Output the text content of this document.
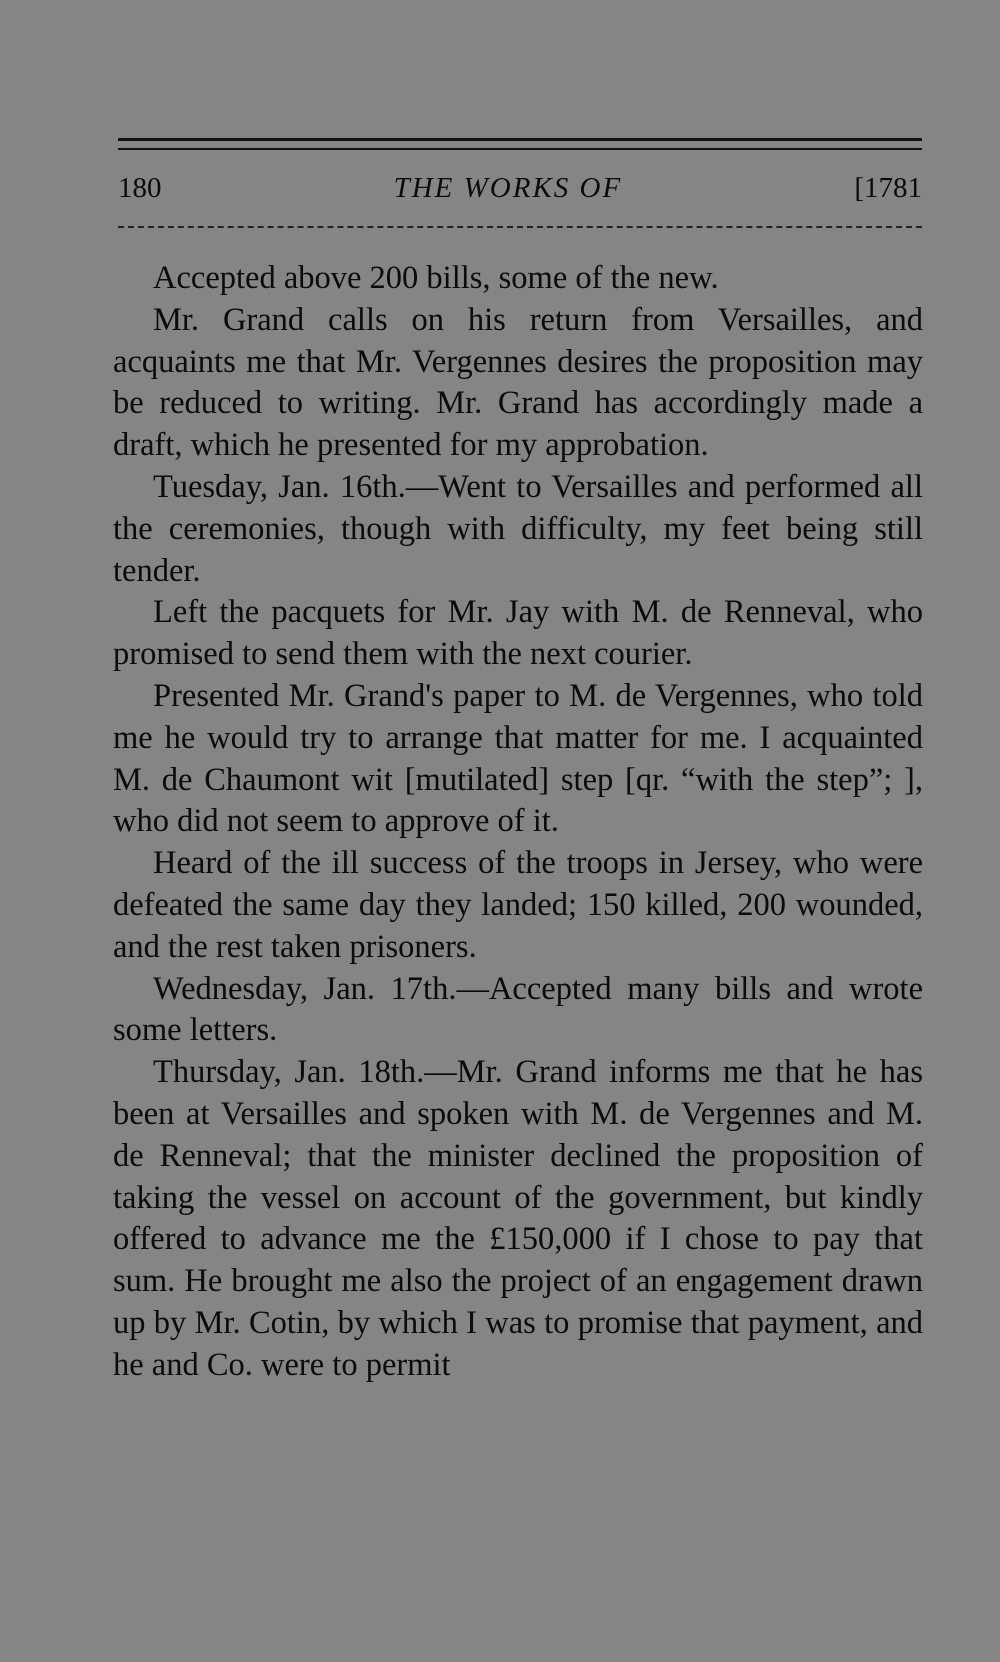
180	THE WORKS OF	[1781

Accepted above 200 bills, some of the new.

Mr. Grand calls on his return from Versailles, and acquaints me that Mr. Vergennes desires the proposition may be reduced to writing. Mr. Grand has accordingly made a draft, which he presented for my approbation.

Tuesday, Jan. 16th.—Went to Versailles and performed all the ceremonies, though with difficulty, my feet being still tender.

Left the pacquets for Mr. Jay with M. de Renneval, who promised to send them with the next courier.

Presented Mr. Grand's paper to M. de Vergennes, who told me he would try to arrange that matter for me. I acquainted M. de Chaumont wit [mutilated] step [qr. “with the step”; ], who did not seem to approve of it.

Heard of the ill success of the troops in Jersey, who were defeated the same day they landed; 150 killed, 200 wounded, and the rest taken prisoners.

Wednesday, Jan. 17th.—Accepted many bills and wrote some letters.

Thursday, Jan. 18th.—Mr. Grand informs me that he has been at Versailles and spoken with M. de Vergennes and M. de Renneval; that the minister declined the proposition of taking the vessel on account of the government, but kindly offered to advance me the £150,000 if I chose to pay that sum. He brought me also the project of an engagement drawn up by Mr. Cotin, by which I was to promise that payment, and he and Co. were to permit
